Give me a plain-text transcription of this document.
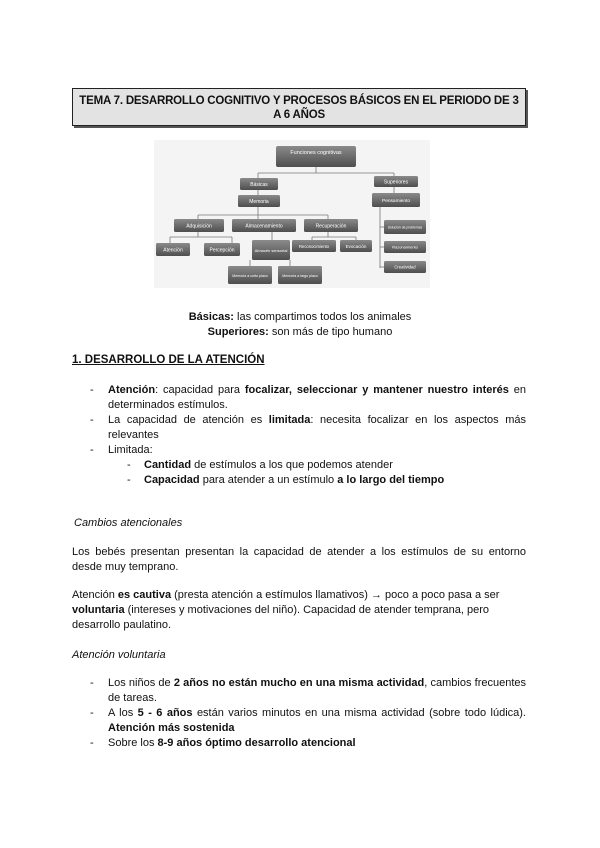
TEMA 7. DESARROLLO COGNITIVO Y PROCESOS BÁSICOS EN EL PERIODO DE 3
A 6 AÑOS
Funciones cognitivas
Básicas	Superiores
Memoria
Adquisición	Almacenamiento	Recuperación
Atención	Percepción	Almacén sensorial
Reconocimiento	Evocación
Memoria a corto plazo	Memoria a largo plazo
Pensamiento
Solución de problemas
Razonamiento
Creatividad
Básicas: las compartimos todos los animales
Superiores: son más de tipo humano
1. DESARROLLO DE LA ATENCIÓN
- Atención: capacidad para focalizar, seleccionar y mantener nuestro interés en determinados estímulos.
- La capacidad de atención es limitada: necesita focalizar en los aspectos más relevantes
- Limitada:
- Cantidad de estímulos a los que podemos atender
- Capacidad para atender a un estímulo a lo largo del tiempo
Cambios atencionales
Los bebés presentan presentan la capacidad de atender a los estímulos de su entorno desde muy temprano.
Atención es cautiva (presta atención a estímulos llamativos) → poco a poco pasa a ser voluntaria (intereses y motivaciones del niño). Capacidad de atender temprana, pero desarrollo paulatino.
Atención voluntaria
- Los niños de 2 años no están mucho en una misma actividad, cambios frecuentes de tareas.
- A los 5 - 6 años están varios minutos en una misma actividad (sobre todo lúdica). Atención más sostenida
- Sobre los 8-9 años óptimo desarrollo atencional
